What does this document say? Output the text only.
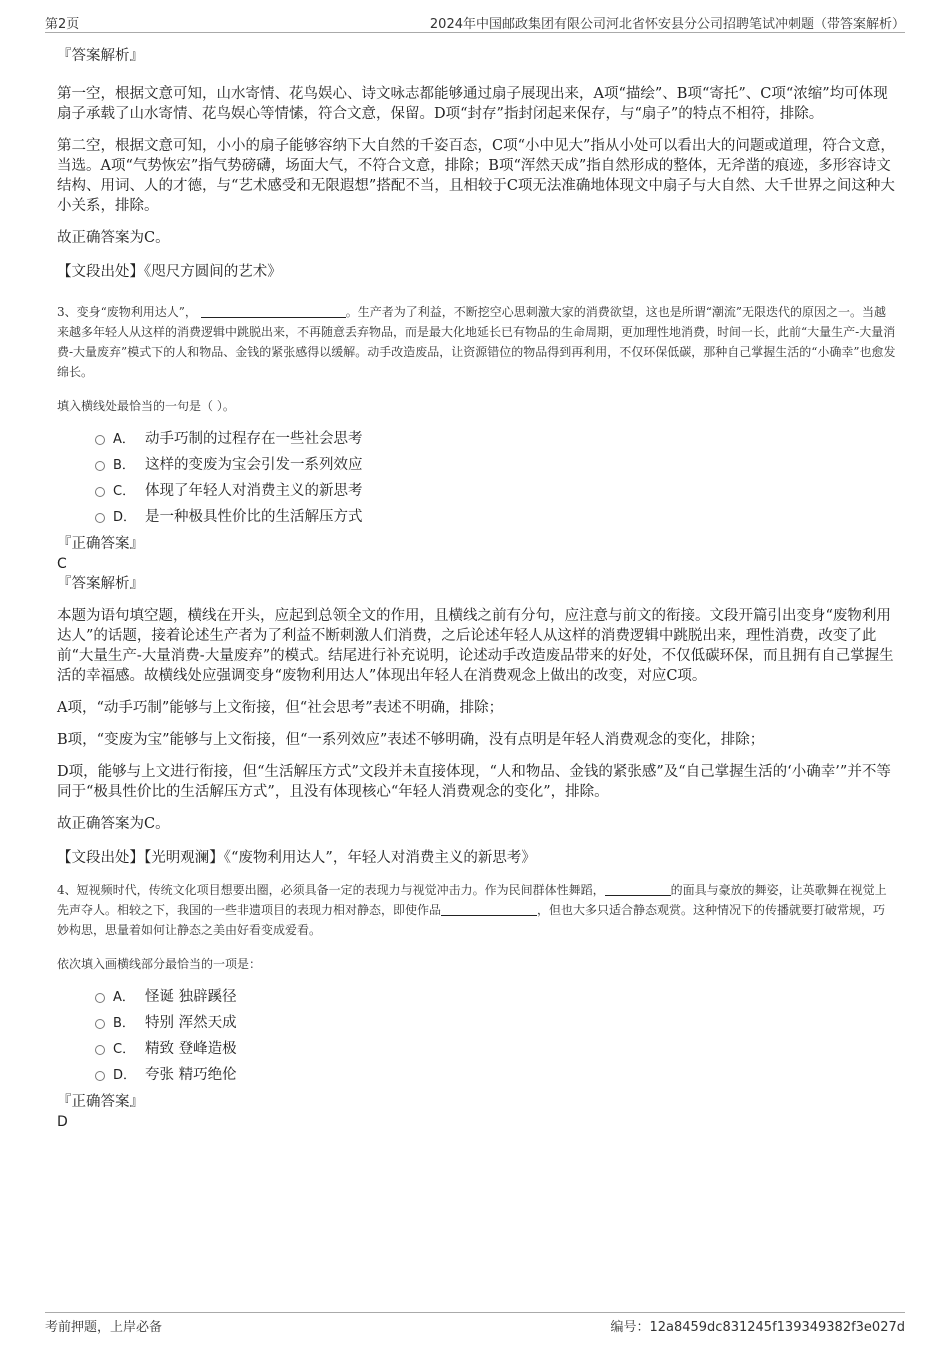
第2页	2024年中国邮政集团有限公司河北省怀安县分公司招聘笔试冲刺题（带答案解析）

『答案解析』

第一空，根据文意可知，山水寄情、花鸟娱心、诗文咏志都能够通过扇子展现出来，A项“描绘”、B项“寄托”、C项“浓缩”均可体现扇子承载了山水寄情、花鸟娱心等情愫，符合文意，保留。D项“封存”指封闭起来保存，与“扇子”的特点不相符，排除。

第二空，根据文意可知，小小的扇子能够容纳下大自然的千姿百态，C项“小中见大”指从小处可以看出大的问题或道理，符合文意，当选。A项“气势恢宏”指气势磅礴，场面大气，不符合文意，排除；B项“浑然天成”指自然形成的整体，无斧凿的痕迹，多形容诗文结构、用词、人的才德，与“艺术感受和无限遐想”搭配不当，且相较于C项无法准确地体现文中扇子与大自然、大千世界之间这种大小关系，排除。

故正确答案为C。

【文段出处】《咫尺方圆间的艺术》

3、变身“废物利用达人”，	。生产者为了利益，不断挖空心思刺激大家的消费欲望，这也是所谓“潮流”无限迭代的原因之一。当越来越多年轻人从这样的消费逻辑中跳脱出来，不再随意丢弃物品，而是最大化地延长已有物品的生命周期，更加理性地消费，时间一长，此前“大量生产-大量消费-大量废弃”模式下的人和物品、金钱的紧张感得以缓解。动手改造废品，让资源错位的物品得到再利用，不仅环保低碳，那种自己掌握生活的“小确幸”也愈发绵长。

填入横线处最恰当的一句是（ ）。

A． 动手巧制的过程存在一些社会思考
B． 这样的变废为宝会引发一系列效应
C． 体现了年轻人对消费主义的新思考
D． 是一种极具性价比的生活解压方式

『正确答案』

C

『答案解析』

本题为语句填空题，横线在开头，应起到总领全文的作用，且横线之前有分句，应注意与前文的衔接。文段开篇引出变身“废物利用达人”的话题，接着论述生产者为了利益不断刺激人们消费，之后论述年轻人从这样的消费逻辑中跳脱出来，理性消费，改变了此前“大量生产-大量消费-大量废弃”的模式。结尾进行补充说明，论述动手改造废品带来的好处，不仅低碳环保，而且拥有自己掌握生活的幸福感。故横线处应强调变身“废物利用达人”体现出年轻人在消费观念上做出的改变，对应C项。

A项，“动手巧制”能够与上文衔接，但“社会思考”表述不明确，排除；

B项，“变废为宝”能够与上文衔接，但“一系列效应”表述不够明确，没有点明是年轻人消费观念的变化，排除；

D项，能够与上文进行衔接，但“生活解压方式”文段并未直接体现，“人和物品、金钱的紧张感”及“自己掌握生活的‘小确幸’”并不等同于“极具性价比的生活解压方式”，且没有体现核心“年轻人消费观念的变化”，排除。

故正确答案为C。

【文段出处】【光明观澜】《“废物利用达人”，年轻人对消费主义的新思考》

4、短视频时代，传统文化项目想要出圈，必须具备一定的表现力与视觉冲击力。作为民间群体性舞蹈，	的面具与豪放的舞姿，让英歌舞在视觉上先声夺人。相较之下，我国的一些非遗项目的表现力相对静态，即使作品	，但也大多只适合静态观赏。这种情况下的传播就要打破常规，巧妙构思，思量着如何让静态之美由好看变成爱看。

依次填入画横线部分最恰当的一项是：

A． 怪诞 独辟蹊径
B． 特别 浑然天成
C． 精致 登峰造极
D． 夸张 精巧绝伦

『正确答案』

D

考前押题，上岸必备	编号：12a8459dc831245f139349382f3e027d
